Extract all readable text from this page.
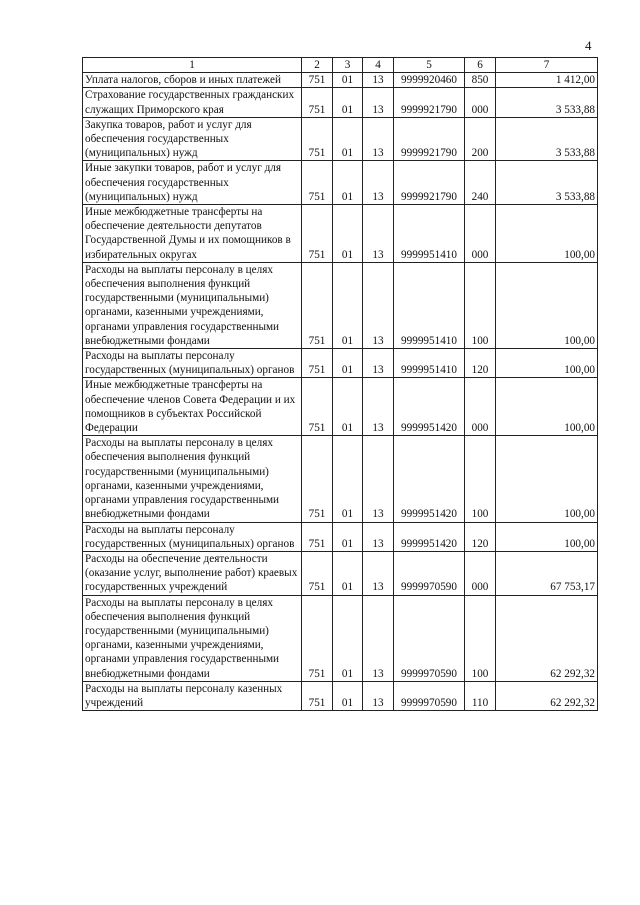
4
1	2	3	4	5	6	7
Уплата налогов, сборов и иных платежей	751	01	13	9999920460	850	1 412,00
Страхование государственных гражданских служащих Приморского края	751	01	13	9999921790	000	3 533,88
Закупка товаров, работ и услуг для обеспечения государственных (муниципальных) нужд	751	01	13	9999921790	200	3 533,88
Иные закупки товаров, работ и услуг для обеспечения государственных (муниципальных) нужд	751	01	13	9999921790	240	3 533,88
Иные межбюджетные трансферты на обеспечение деятельности депутатов Государственной Думы и их помощников в избирательных округах	751	01	13	9999951410	000	100,00
Расходы на выплаты персоналу в целях обеспечения выполнения функций государственными (муниципальными) органами, казенными учреждениями, органами управления государственными внебюджетными фондами	751	01	13	9999951410	100	100,00
Расходы на выплаты персоналу государственных (муниципальных) органов	751	01	13	9999951410	120	100,00
Иные межбюджетные трансферты на обеспечение членов Совета Федерации и их помощников в субъектах Российской Федерации	751	01	13	9999951420	000	100,00
Расходы на выплаты персоналу в целях обеспечения выполнения функций государственными (муниципальными) органами, казенными учреждениями, органами управления государственными внебюджетными фондами	751	01	13	9999951420	100	100,00
Расходы на выплаты персоналу государственных (муниципальных) органов	751	01	13	9999951420	120	100,00
Расходы на обеспечение деятельности (оказание услуг, выполнение работ) краевых государственных учреждений	751	01	13	9999970590	000	67 753,17
Расходы на выплаты персоналу в целях обеспечения выполнения функций государственными (муниципальными) органами, казенными учреждениями, органами управления государственными внебюджетными фондами	751	01	13	9999970590	100	62 292,32
Расходы на выплаты персоналу казенных учреждений	751	01	13	9999970590	110	62 292,32
